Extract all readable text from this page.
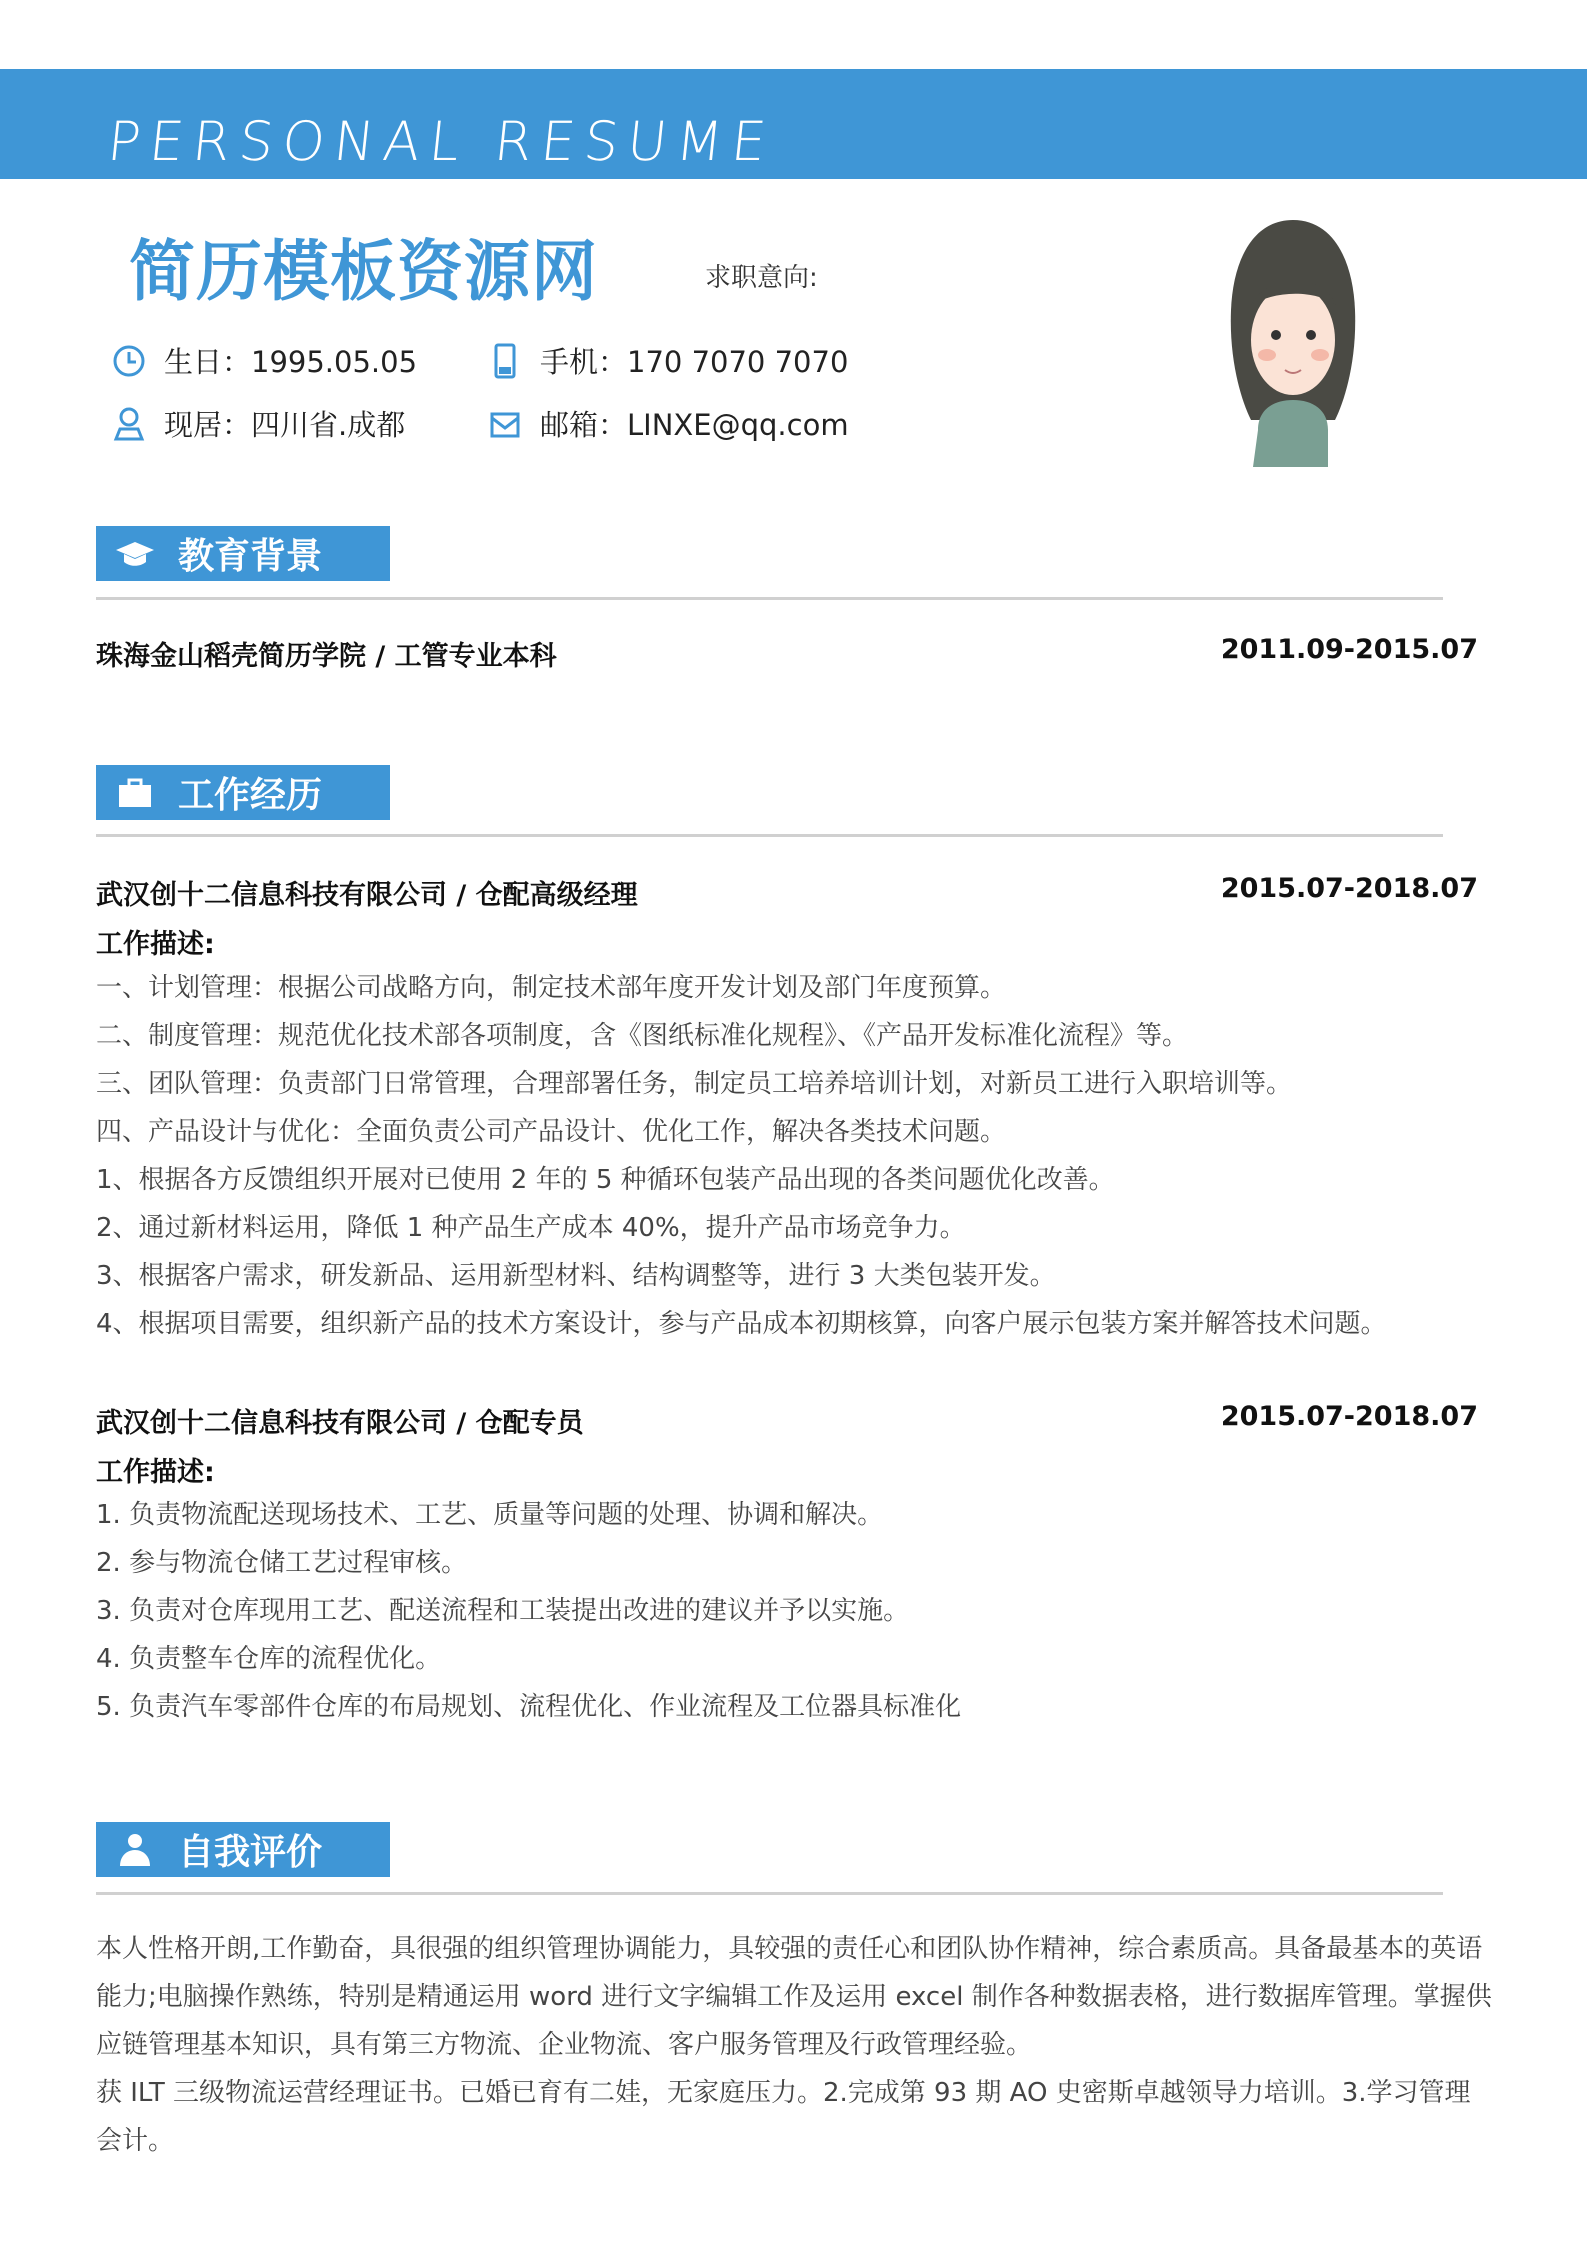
PERSONAL RESUME
简历模板资源网	求职意向:
生日：1995.05.05	手机：170 7070 7070
现居：四川省.成都	邮箱：LINXE@qq.com
教育背景
珠海金山稻壳简历学院 / 工管专业本科	2011.09-2015.07
工作经历
武汉创十二信息科技有限公司 / 仓配高级经理	2015.07-2018.07
工作描述:
一、计划管理：根据公司战略方向，制定技术部年度开发计划及部门年度预算。
二、制度管理：规范优化技术部各项制度，含《图纸标准化规程》、《产品开发标准化流程》等。
三、团队管理：负责部门日常管理，合理部署任务，制定员工培养培训计划，对新员工进行入职培训等。
四、产品设计与优化：全面负责公司产品设计、优化工作，解决各类技术问题。
1、根据各方反馈组织开展对已使用 2 年的 5 种循环包装产品出现的各类问题优化改善。
2、通过新材料运用，降低 1 种产品生产成本 40%，提升产品市场竞争力。
3、根据客户需求，研发新品、运用新型材料、结构调整等，进行 3 大类包装开发。
4、根据项目需要，组织新产品的技术方案设计，参与产品成本初期核算，向客户展示包装方案并解答技术问题。
武汉创十二信息科技有限公司 / 仓配专员	2015.07-2018.07
工作描述:
1. 负责物流配送现场技术、工艺、质量等问题的处理、协调和解决。
2. 参与物流仓储工艺过程审核。
3. 负责对仓库现用工艺、配送流程和工装提出改进的建议并予以实施。
4. 负责整车仓库的流程优化。
5. 负责汽车零部件仓库的布局规划、流程优化、作业流程及工位器具标准化
自我评价
本人性格开朗,工作勤奋，具很强的组织管理协调能力，具较强的责任心和团队协作精神，综合素质高。具备最基本的英语能力;电脑操作熟练，特别是精通运用 word 进行文字编辑工作及运用 excel 制作各种数据表格，进行数据库管理。掌握供应链管理基本知识，具有第三方物流、企业物流、客户服务管理及行政管理经验。
获 ILT 三级物流运营经理证书。已婚已育有二娃，无家庭压力。2.完成第 93 期 AO 史密斯卓越领导力培训。3.学习管理会计。
